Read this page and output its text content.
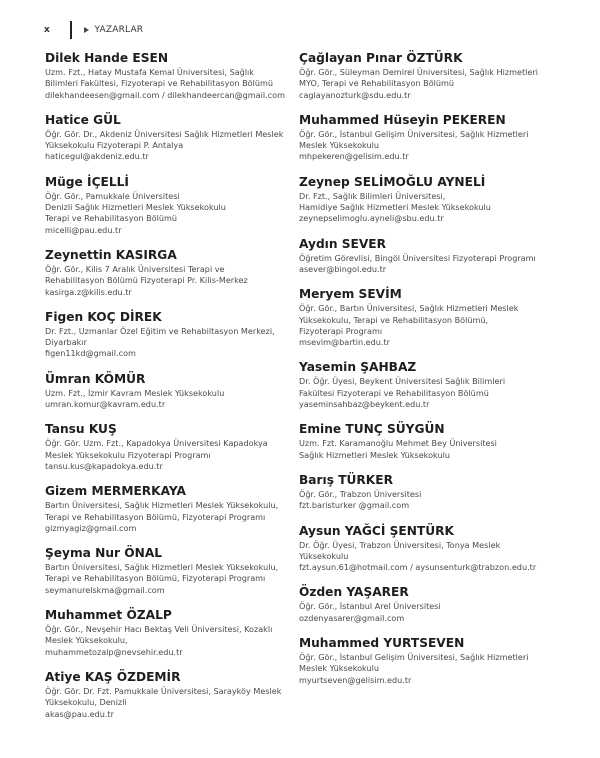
x	YAZARLAR
Dilek Hande ESEN
Uzm. Fzt., Hatay Mustafa Kemal Üniversitesi, Sağlık
Bilimleri Fakültesi, Fizyoterapi ve Rehabilitasyon Bölümü
dilekhandeesen@gmail.com / dilekhandeercan@gmail.com
Hatice GÜL
Öğr. Gör. Dr., Akdeniz Üniversitesi Sağlık Hizmetleri Meslek
Yüksekokulu Fizyoterapi P. Antalya
haticegul@akdeniz.edu.tr
Müge İÇELLİ
Öğr. Gör., Pamukkale Üniversitesi
Denizli Sağlık Hizmetleri Meslek Yüksekokulu
Terapi ve Rehabilitasyon Bölümü
micelli@pau.edu.tr
Zeynettin KASIRGA
Öğr. Gör., Kilis 7 Aralık Üniversitesi Terapi ve
Rehabilitasyon Bölümü Fizyoterapi Pr. Kilis-Merkez
kasirga.z@kilis.edu.tr
Figen KOÇ DİREK
Dr. Fzt., Uzmanlar Özel Eğitim ve Rehabiltasyon Merkezi,
Diyarbakır
figen11kd@gmail.com
Ümran KÖMÜR
Uzm. Fzt., İzmir Kavram Meslek Yüksekokulu
umran.komur@kavram.edu.tr
Tansu KUŞ
Öğr. Gör. Uzm. Fzt., Kapadokya Üniversitesi Kapadokya
Meslek Yüksekokulu Fizyoterapi Programı
tansu.kus@kapadokya.edu.tr
Gizem MERMERKAYA
Bartın Üniversitesi, Sağlık Hizmetleri Meslek Yüksekokulu,
Terapi ve Rehabilitasyon Bölümü, Fizyoterapi Programı
gizmyagiz@gmail.com
Şeyma Nur ÖNAL
Bartın Üniversitesi, Sağlık Hizmetleri Meslek Yüksekokulu,
Terapi ve Rehabilitasyon Bölümü, Fizyoterapi Programı
seymanurelskma@gmail.com
Muhammet ÖZALP
Öğr. Gör., Nevşehir Hacı Bektaş Veli Üniversitesi, Kozaklı
Meslek Yüksekokulu,
muhammetozalp@nevsehir.edu.tr
Atiye KAŞ ÖZDEMİR
Öğr. Gör. Dr. Fzt. Pamukkale Üniversitesi, Sarayköy Meslek
Yüksekokulu, Denizli
akas@pau.edu.tr
Çağlayan Pınar ÖZTÜRK
Öğr. Gör., Süleyman Demirel Üniversitesi, Sağlık Hizmetleri
MYO, Terapi ve Rehabilitasyon Bölümü
caglayanozturk@sdu.edu.tr
Muhammed Hüseyin PEKEREN
Öğr. Gör., İstanbul Gelişim Üniversitesi, Sağlık Hizmetleri
Meslek Yüksekokulu
mhpekeren@gelisim.edu.tr
Zeynep SELİMOĞLU AYNELİ
Dr. Fzt., Sağlık Bilimleri Üniversitesi,
Hamidiye Sağlık Hizmetleri Meslek Yüksekokulu
zeynepselimoglu.ayneli@sbu.edu.tr
Aydın SEVER
Öğretim Görevlisi, Bingöl Üniversitesi Fizyoterapi Programı
asever@bingol.edu.tr
Meryem SEVİM
Öğr. Gör., Bartın Üniversitesi, Sağlık Hizmetleri Meslek
Yüksekokulu, Terapi ve Rehabilitasyon Bölümü,
Fizyoterapi Programı
msevim@bartin.edu.tr
Yasemin ŞAHBAZ
Dr. Öğr. Üyesi, Beykent Üniversitesi Sağlık Bilimleri
Fakültesi Fizyoterapi ve Rehabilitasyon Bölümü
yaseminsahbaz@beykent.edu.tr
Emine TUNÇ SÜYGÜN
Uzm. Fzt. Karamanoğlu Mehmet Bey Üniversitesi
Sağlık Hizmetleri Meslek Yüksekokulu
Barış TÜRKER
Öğr. Gör., Trabzon Üniversitesi
fzt.baristurker @gmail.com
Aysun YAĞCİ ŞENTÜRK
Dr. Öğr. Üyesi, Trabzon Üniversitesi, Tonya Meslek
Yüksekokulu
fzt.aysun.61@hotmail.com / aysunsenturk@trabzon.edu.tr
Özden YAŞARER
Öğr. Gör., İstanbul Arel Üniversitesi
ozdenyasarer@gmail.com
Muhammed YURTSEVEN
Öğr. Gör., İstanbul Gelişim Üniversitesi, Sağlık Hizmetleri
Meslek Yüksekokulu
myurtseven@gelisim.edu.tr
